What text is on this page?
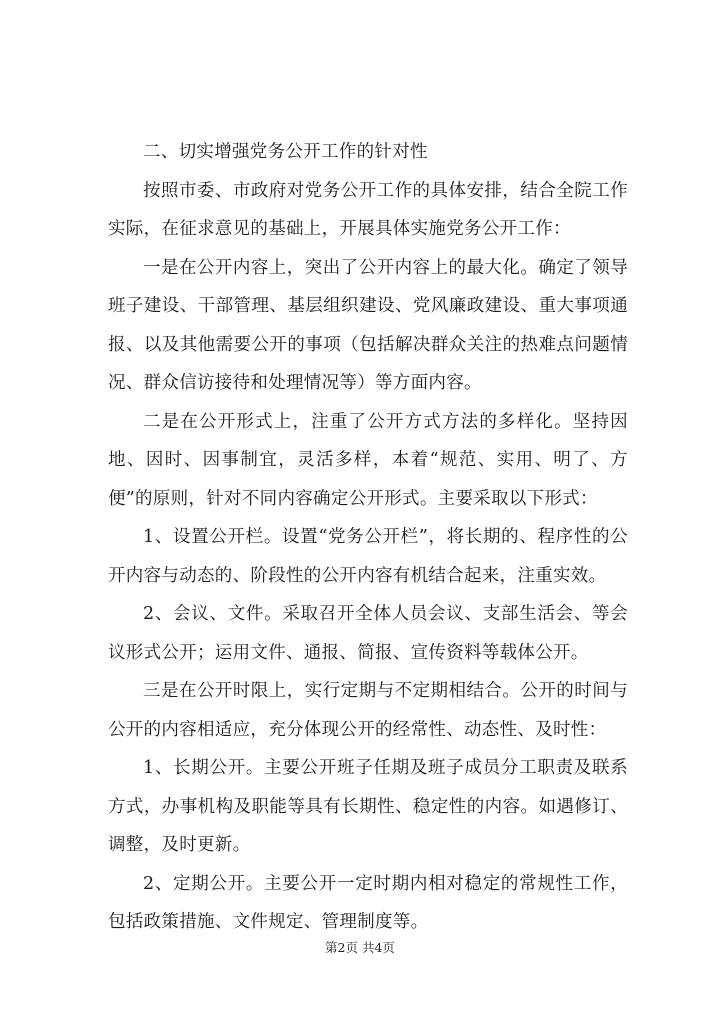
二、切实增强党务公开工作的针对性

按照市委、市政府对党务公开工作的具体安排，结合全院工作实际，在征求意见的基础上，开展具体实施党务公开工作：

一是在公开内容上，突出了公开内容上的最大化。确定了领导班子建设、干部管理、基层组织建设、党风廉政建设、重大事项通报、以及其他需要公开的事项（包括解决群众关注的热难点问题情况、群众信访接待和处理情况等）等方面内容。

二是在公开形式上，注重了公开方式方法的多样化。坚持因地、因时、因事制宜，灵活多样，本着“规范、实用、明了、方便”的原则，针对不同内容确定公开形式。主要采取以下形式：

1、设置公开栏。设置“党务公开栏”，将长期的、程序性的公开内容与动态的、阶段性的公开内容有机结合起来，注重实效。

2、会议、文件。采取召开全体人员会议、支部生活会、等会议形式公开；运用文件、通报、简报、宣传资料等载体公开。

三是在公开时限上，实行定期与不定期相结合。公开的时间与公开的内容相适应，充分体现公开的经常性、动态性、及时性：

1、长期公开。主要公开班子任期及班子成员分工职责及联系方式，办事机构及职能等具有长期性、稳定性的内容。如遇修订、调整，及时更新。

2、定期公开。主要公开一定时期内相对稳定的常规性工作，包括政策措施、文件规定、管理制度等。

第2页 共4页
